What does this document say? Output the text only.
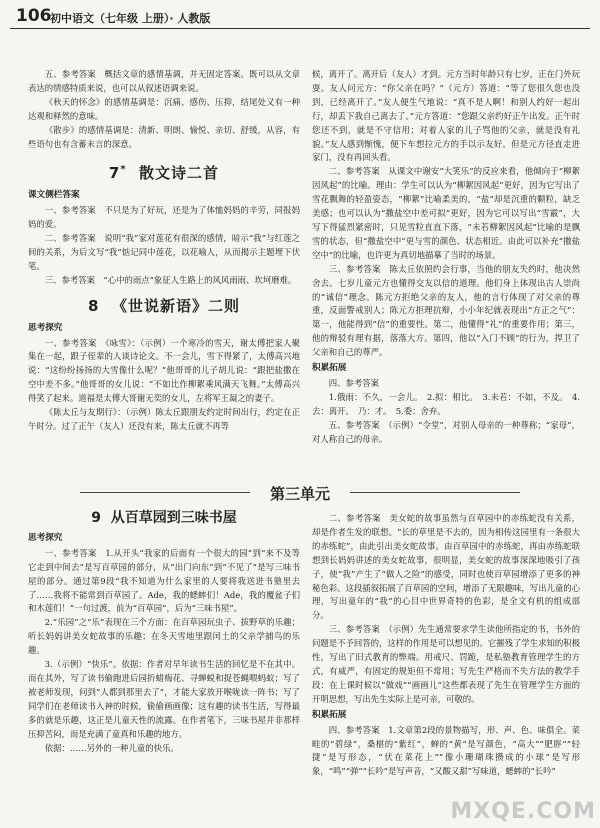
106
初中语文（七年级 上册）· 人教版

五、参考答案　概括文章的感情基调，并无固定答案。既可以从文章表达的情感特质来说，也可以从叙述语调来说。

《秋天的怀念》的感情基调是：沉痛、感伤、压抑，结尾处又有一种达观和释然的意味。

《散步》的感情基调是：清新、明朗、愉悦、亲切、舒缓，从容，有些语句也有含蓄未言的深意。

7* 散文诗二首
课文侧栏答案

一、参考答案　不只是为了好玩，还是为了体恤妈妈的辛劳，同报妈妈的爱。

二、参考答案　说明“我”家对莲花有很深的感情，暗示“我”与红莲之间的关系，为后文写“我”惦记同中莲花，以花喻人，从而揭示主题埋下伏笔。

三、参考答案　“心中的雨点”象征人生路上的风风雨雨、坎坷磨难。

8 《世说新语》二则
思考探究

一、参考答案　《咏雪》：（示例）一个寒冷的雪天，谢太傅把家人聚集在一起，跟子侄辈的人谈诗论文。不一会儿，雪下得紧了，太傅高兴地说：“这纷纷扬扬的大雪像什么呢？”他哥哥的儿子胡儿说：“跟把盐撒在空中差不多。”他哥哥的女儿说：“不如比作柳絮乘风满天飞舞。”太傅高兴得笑了起来。道福是太傅大哥谢无奕的女儿，左将军王凝之的妻子。

《陈太丘与友期行》：（示例）陈太丘跟朋友约定时间出行，约定在正午时分。过了正午（友人）还没有来，陈太丘就不再等

候，离开了。离开后（友人）才到。元方当时年龄只有七岁，正在门外玩耍。友人问元方：“你父亲在吗？”（元方）答道：“等了您很久您也没到，已经离开了。”友人便生气地说：“真不是人啊！和别人约好一起出行，却丢下我自己离去了。”元方答道：“您跟父亲约好正午出发。正午时您还不到，就是不守信用；对着人家的儿子骂他的父亲，就是没有礼貌。”友人感到惭愧，便下车想拉元方的手以示友好。但是元方径直走进家门，没有再回头看。

二、参考答案　从课文中谢安“大笑乐”的反应来看，他倾向于“柳絮因风起”的比喻。理由：学生可以认为“柳絮因风起”更好，因为它写出了雪花飘舞的轻盈姿态，“柳絮”比喻柔美的，“盐”却是沉重的颗粒，缺乏美感；也可以认为“撒盐空中差可拟”更好，因为它可以写出“雪霰”，大写下得猛烈紧密时，只见雪粒直直下落，“未若柳絮因风起”比喻的是飘雪的状态，但“撒盐空中”更与雪的颜色、状态相近。由此可以补充“撒盐空中”的比喻，也许更为真切地描摹了当时的场景。

三、参考答案　陈太丘依照约会行事，当他的朋友失约时，他决然舍去。七岁儿童元方也懂得交友以信的道理。他们身上体现出古人崇尚的“诚信”理念。陈元方拒绝父亲的友人，他的言行体现了对父亲的尊重，反面警戒别人；陈元方拒理抗辩，小小年纪就表现出“方正之气”：第一，他能得到“信”的重要性。第二，他懂得“礼”的重要作用；第三，他的辩驳有理有据，落落大方。第四，他以“入门不顾”的行为，捍卫了父亲和自己的尊严。

积累拓展

四、参考答案

1.俄雨：不久，一会儿。　2.拟：相比。　3.未若：不如，不及。　4.去：离开。　乃：才。　5.委：舍弃。

五、参考答案　（示例）“令堂”，对别人母亲的一种尊称；“家母”，对人称自己的母亲。

第三单元
9 从百草园到三味书屋
思考探究

一、参考答案　1.从开头“我家的后面有一个很大的园”到“来不及等它走到中间去”是写百草园的部分，从“出门向东”到“不见了”是写三味书屋的部分。通过第9段“我不知道为什么家里的人要将我送进书塾里去了……我将不能常到百草园了。Ade，我的蟋蟀们！Ade，我的覆盆子们和木莲们！”一句过渡，前为“百草园”，后为“三味书屋”。

2.“乐园”之“乐”表现在三个方面：在百草园玩虫子、拔野草的乐趣；听长妈妈讲美女蛇故事的乐趣；在冬天雪地里跟闰土的父亲学捕鸟的乐趣。

3.（示例）“快乐”。依据：作者对早年读书生活的回忆是不在其中。而在其外，写了读书偷跑进后园折蜡梅花、寻蝉蜕和捉苍蝇喂蚂蚁；写了被老师发现，问到“人都到那里去了”，才能大家放开喉咙读一阵书；写了同学们在老师读书入神的时候，偷偷画画像；这有趣的读书生活，写得最多的就是乐趣，这正是儿童天性的流露。在作者笔下，三味书屋并非那样压抑苦闷，而是充满了童真和乐趣的地方。

依据：……另外的一种儿童的快乐。

二、参考答案　美女蛇的故事虽然与百草园中的赤练蛇没有关系，却是作者生发的联想。“长的草里是不去的，因为相传这园里有一条很大的赤练蛇”，由此引出美女蛇故事。由百草园中的赤练蛇，再由赤练蛇联想到长妈妈讲述的美女蛇故事，很明显，美女蛇的故事深深地吸引了孩子，使“我”产生了“做人之险”的感受，同时也使百草园增添了更多的神秘色彩。这段插叙拓展了百草园的空间，增添了无限趣味，写出儿童的心理，写出童年的“我”的心目中世界奇特的色彩，是全文有机的组成部分。

三、参考答案　（示例）先生通常要求学生读他所指定的书，书外的问题是不予回答的，这样的作用是可以想见的。它摧残了学生求知的积极性，写出了旧式教育的弊端。用戒尺、罚跪，是私塾教育管理学生的方式，有威严，有固定的规矩但不常用；写先生严格而不失方法的教学手段：在上课时候以“做戏”“画画儿”这些都表现了先生在管理学生方面的开明思想，写出先生实际上是可亲，可敬的。

积累拓展

四、参考答案　1.文章第2段的景物描写，形、声、色、味俱全。菜畦的“碧绿”，桑椹的“紫红”，蝉的“黄”是写颜色，“高大”“肥胖”“轻捷”是写形态，“伏在菜花上”“像小珊瑚珠攒成的小球”是写形象，“鸣”“弹”“长吟”是写声音，“又酸又甜”写味道，蟋蟀的“长吟”

MXQE.COM
